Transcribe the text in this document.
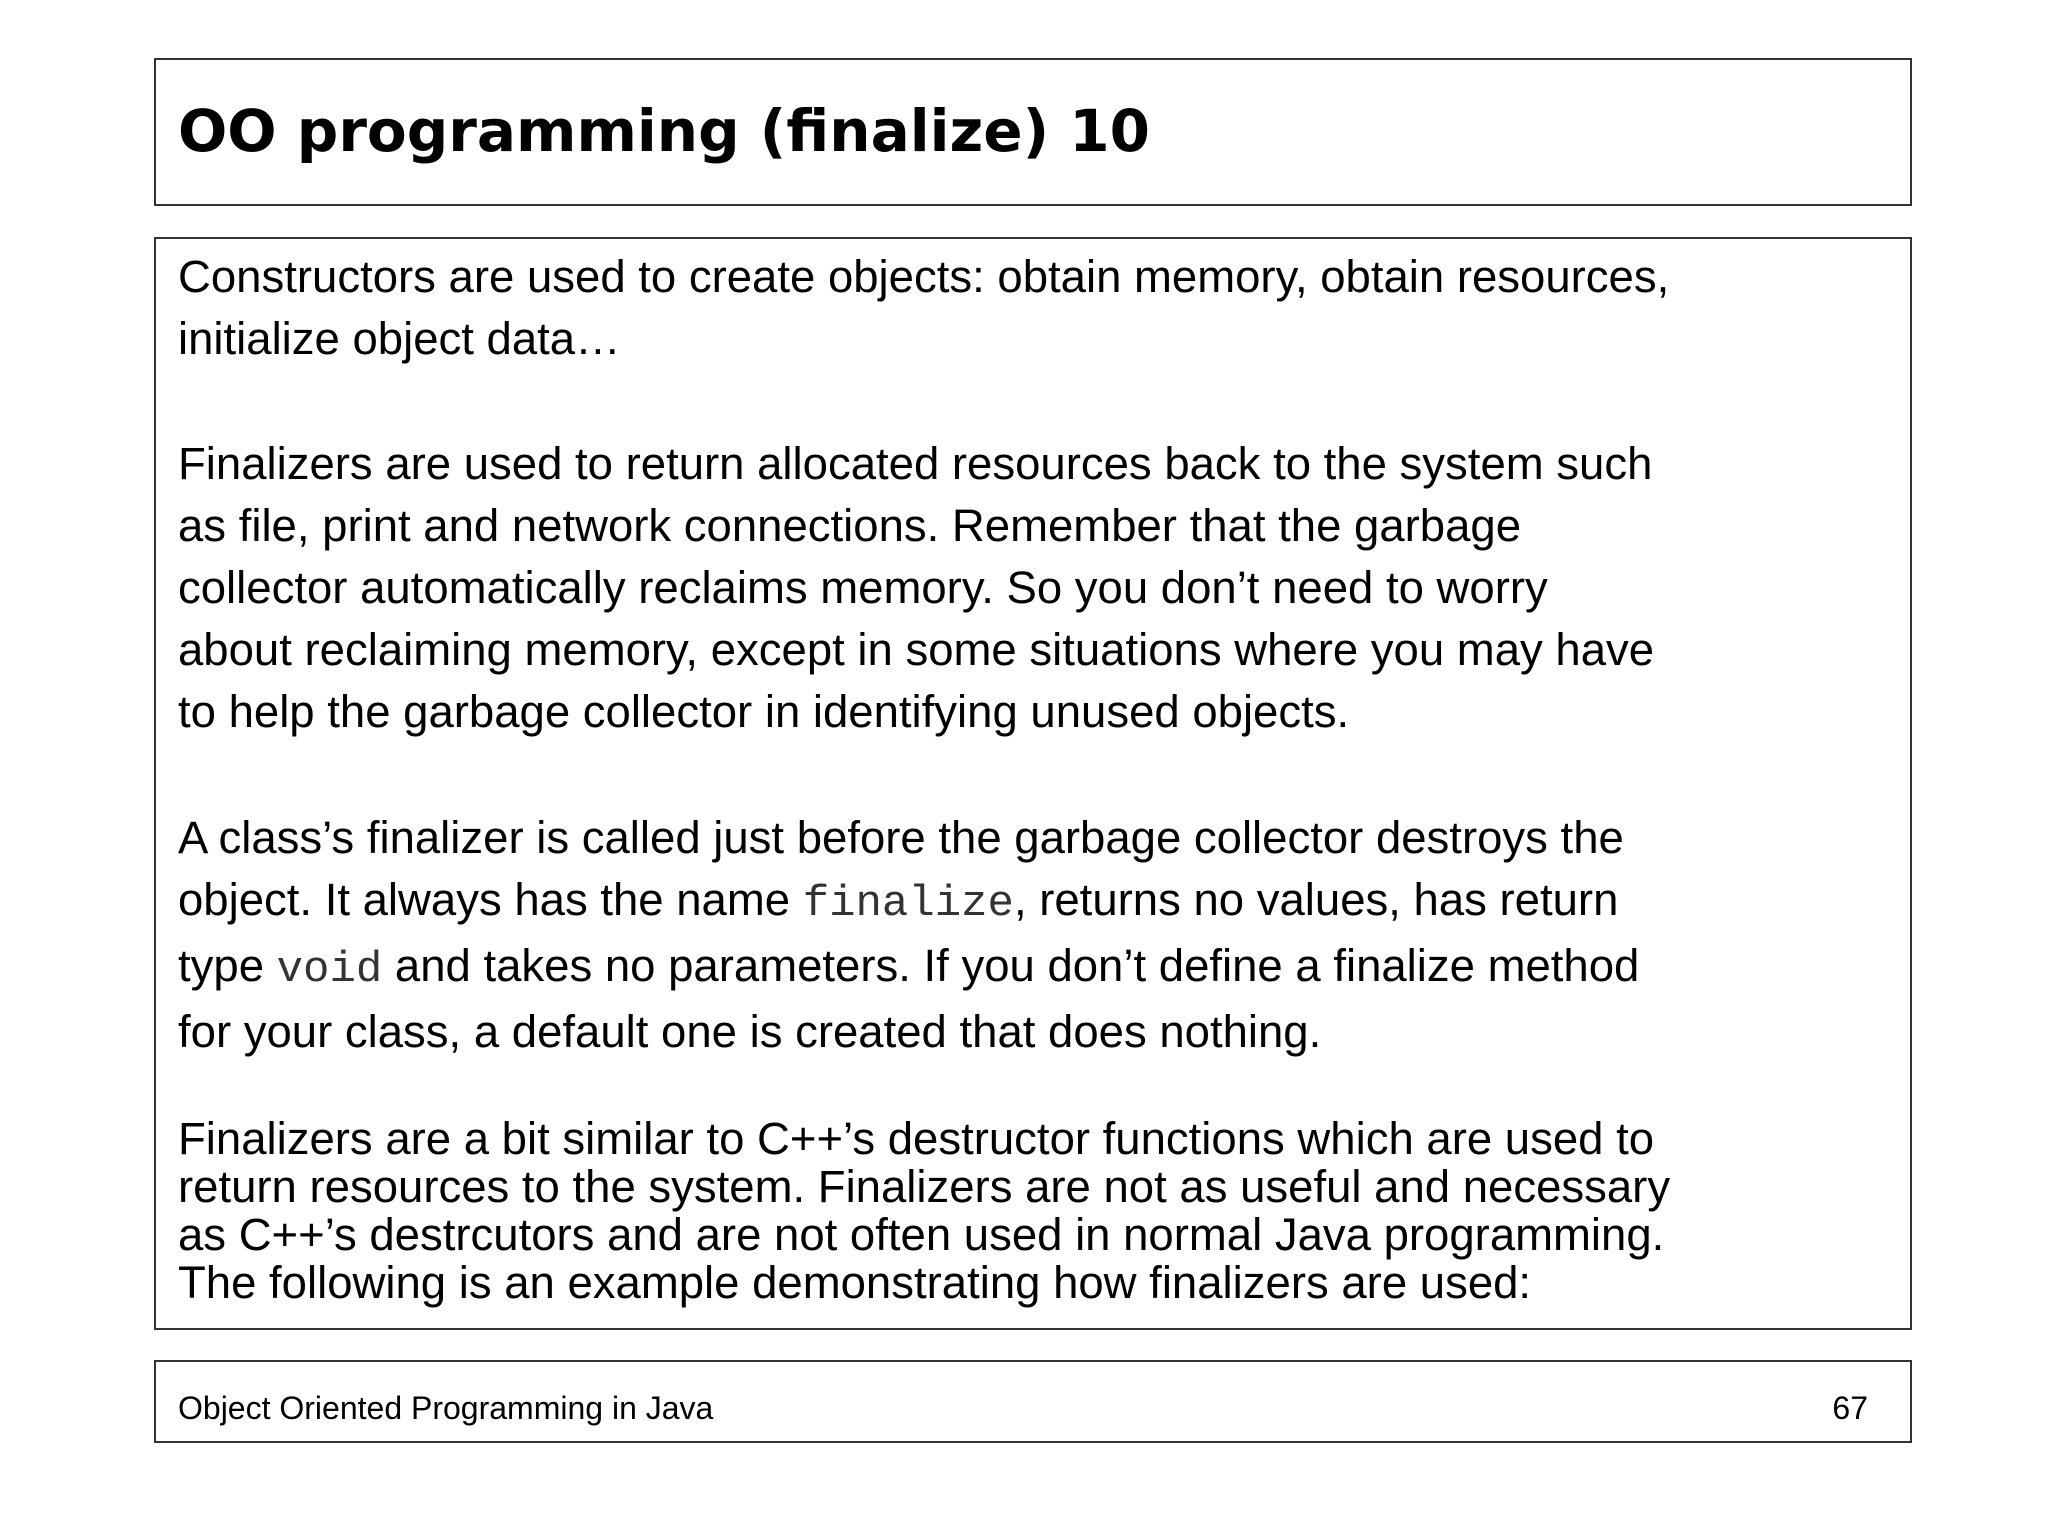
OO programming (finalize) 10
Constructors are used to create objects: obtain memory, obtain resources,
initialize object data…
Finalizers are used to return allocated resources back to the system such
as file, print and network connections. Remember that the garbage
collector automatically reclaims memory. So you don’t need to worry
about reclaiming memory, except in some situations where you may have
to help the garbage collector in identifying unused objects.
A class’s finalizer is called just before the garbage collector destroys the
object. It always has the name finalize, returns no values, has return
type void and takes no parameters. If you don’t define a finalize method
for your class, a default one is created that does nothing.
Finalizers are a bit similar to C++’s destructor functions which are used to
return resources to the system. Finalizers are not as useful and necessary
as C++’s destrcutors and are not often used in normal Java programming.
The following is an example demonstrating how finalizers are used:
Object Oriented Programming in Java	67
